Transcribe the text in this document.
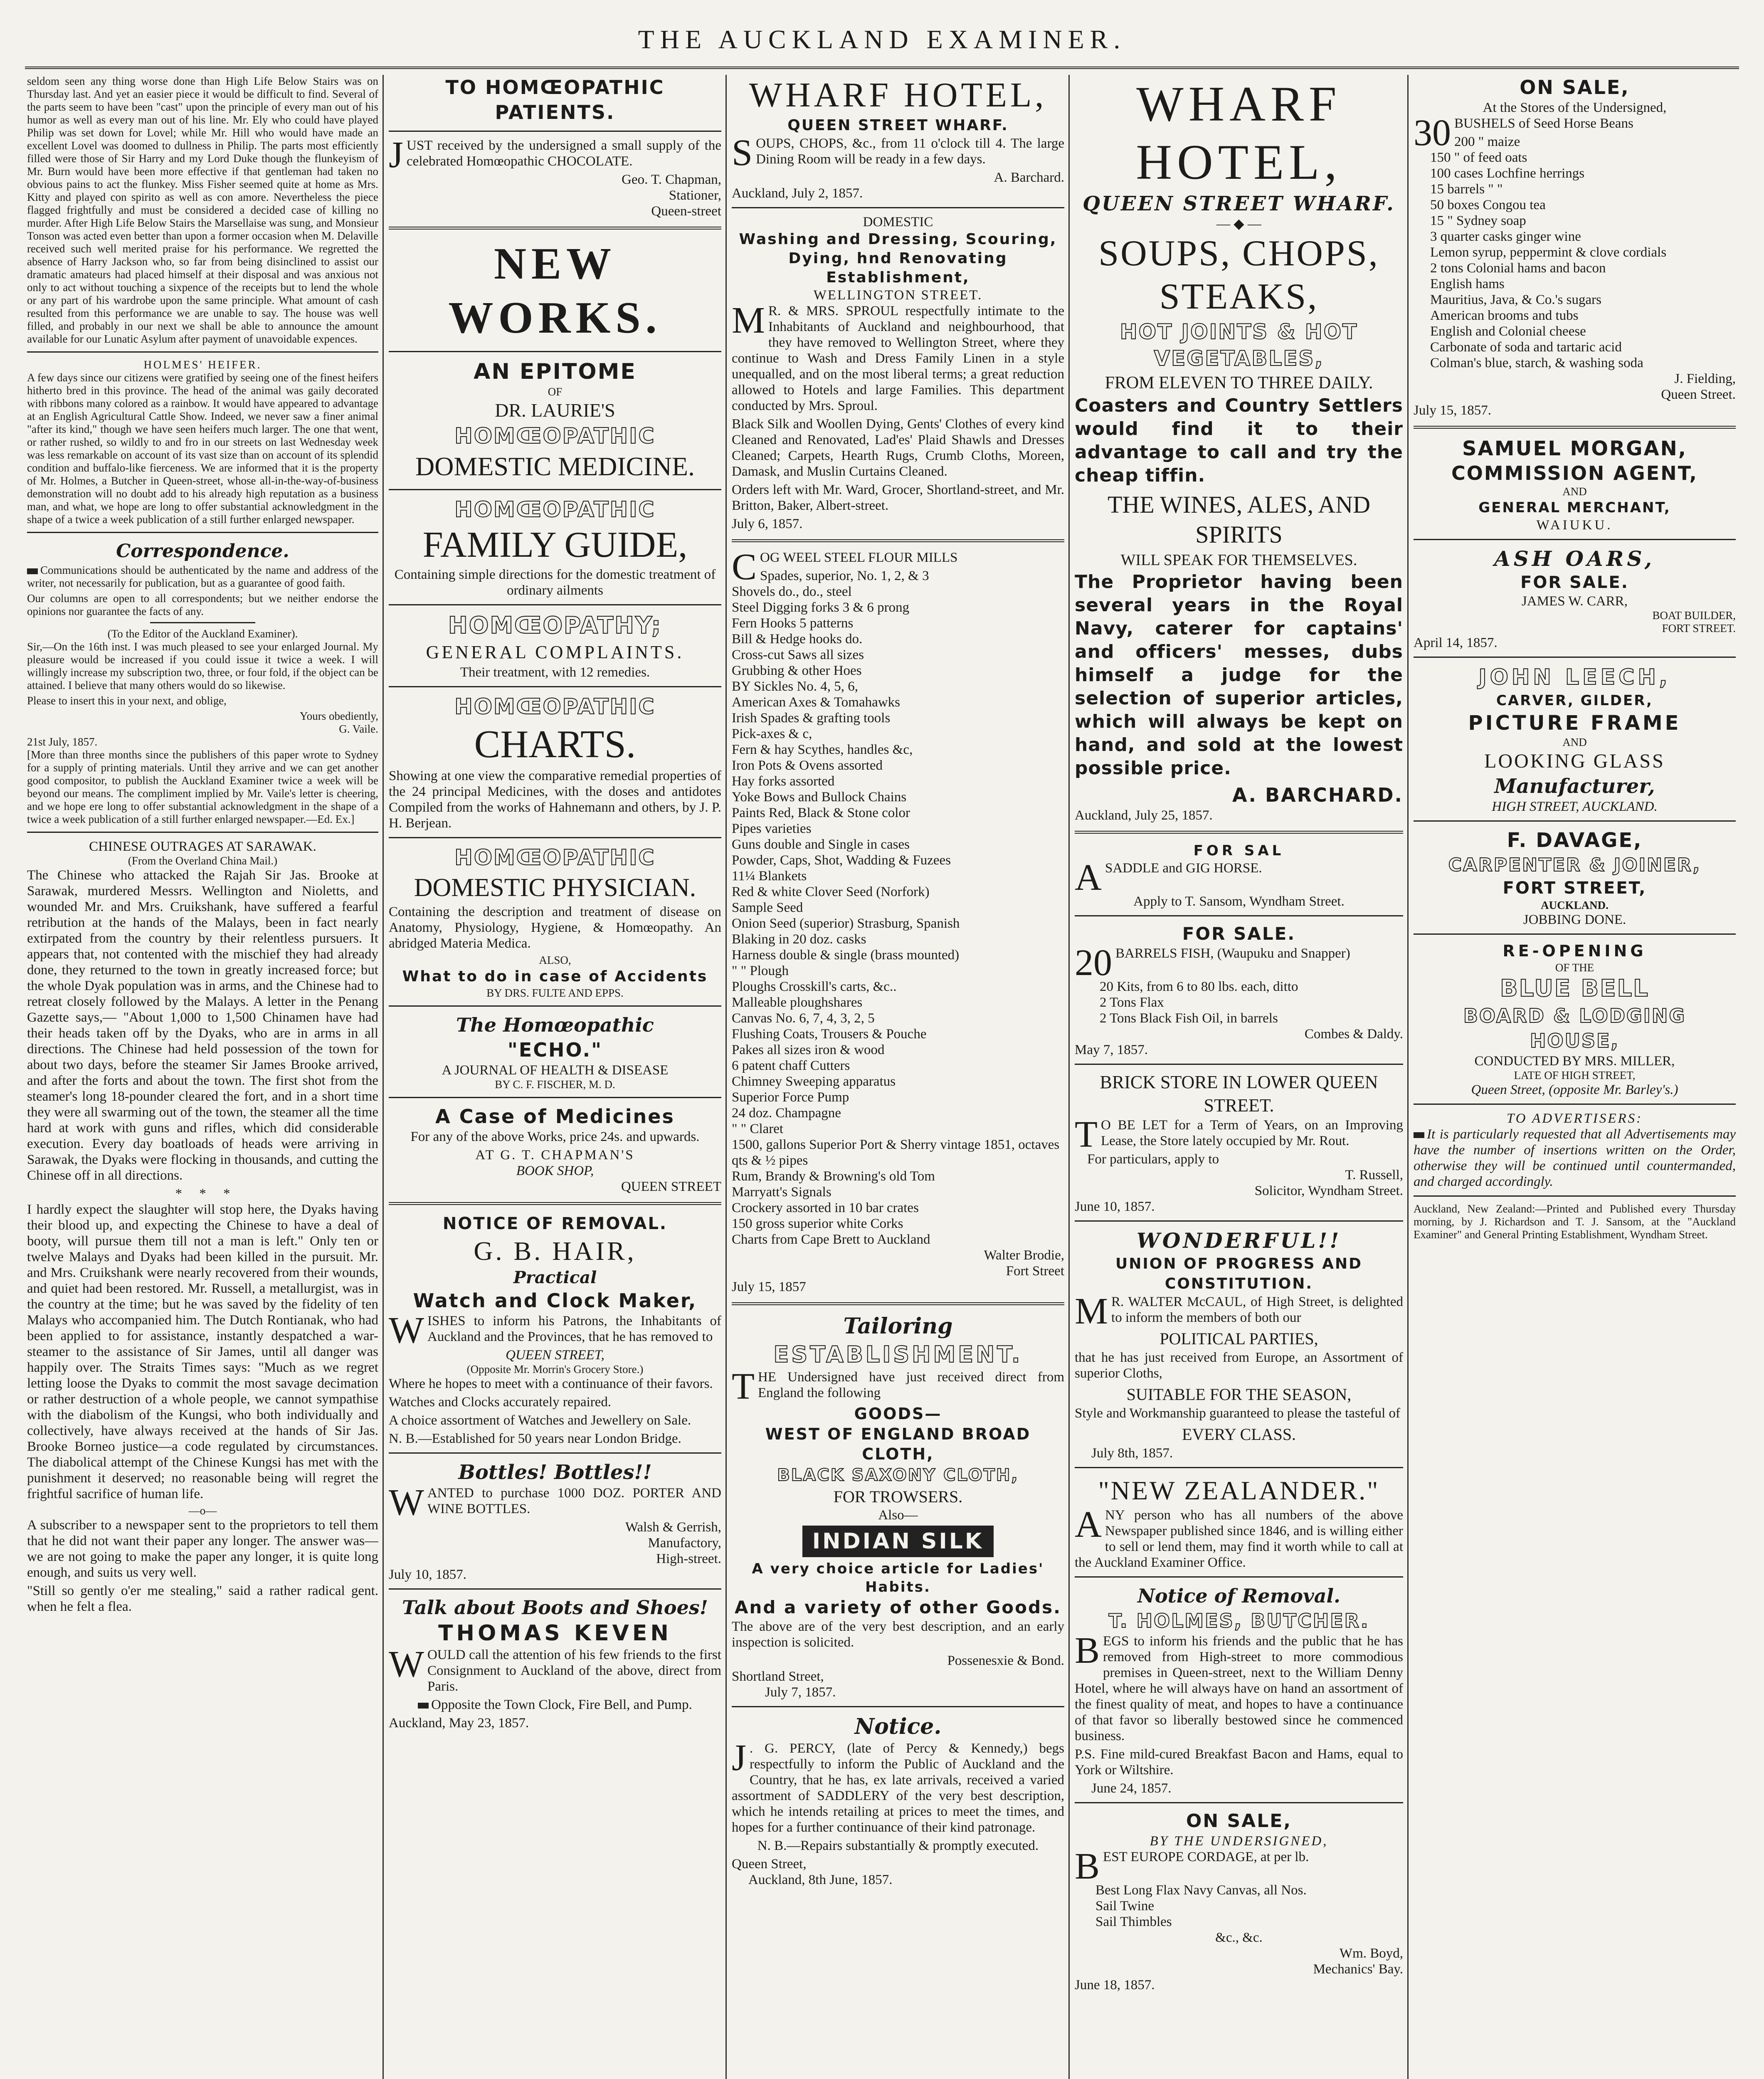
THE AUCKLAND EXAMINER.

seldom seen any thing worse done than High Life Below Stairs was on Thursday last. And yet an easier piece it would be difficult to find. Several of the parts seem to have been "cast" upon the principle of every man out of his humor as well as every man out of his line. Mr. Ely who could have played Philip was set down for Lovel; while Mr. Hill who would have made an excellent Lovel was doomed to dullness in Philip. The parts most efficiently filled were those of Sir Harry and my Lord Duke though the flunkeyism of Mr. Burn would have been more effective if that gentleman had taken no obvious pains to act the flunkey. Miss Fisher seemed quite at home as Mrs. Kitty and played con spirito as well as con amore. Nevertheless the piece flagged frightfully and must be considered a decided case of killing no murder. After High Life Below Stairs the Marsellaise was sung, and Monsieur Tonson was acted even better than upon a former occasion when M. Delaville received such well merited praise for his performance. We regretted the absence of Harry Jackson who, so far from being disinclined to assist our dramatic amateurs had placed himself at their disposal and was anxious not only to act without touching a sixpence of the receipts but to lend the whole or any part of his wardrobe upon the same principle. What amount of cash resulted from this performance we are unable to say. The house was well filled, and probably in our next we shall be able to announce the amount available for our Lunatic Asylum after payment of unavoidable expences.

HOLMES' HEIFER.

A few days since our citizens were gratified by seeing one of the finest heifers hitherto bred in this province. The head of the animal was gaily decorated with ribbons many colored as a rainbow. It would have appeared to advantage at an English Agricultural Cattle Show. Indeed, we never saw a finer animal "after its kind," though we have seen heifers much larger. The one that went, or rather rushed, so wildly to and fro in our streets on last Wednesday week was less remarkable on account of its vast size than on account of its splendid condition and buffalo-like fierceness. We are informed that it is the property of Mr. Holmes, a Butcher in Queen-street, whose all-in-the-way-of-business demonstration will no doubt add to his already high reputation as a business man, and what, we hope are long to offer substantial acknowledgment in the shape of a twice a week publication of a still further enlarged newspaper.

Correspondence.

Communications should be authenticated by the name and address of the writer, not necessarily for publication, but as a guarantee of good faith.

Our columns are open to all correspondents; but we neither endorse the opinions nor guarantee the facts of any.

(To the Editor of the Auckland Examiner).

Sir,—On the 16th inst. I was much pleased to see your enlarged Journal. My pleasure would be increased if you could issue it twice a week. I will willingly increase my subscription two, three, or four fold, if the object can be attained. I believe that many others would do so likewise.

Please to insert this in your next, and oblige,

Yours obediently,
G. Vaile.
21st July, 1857.

[More than three months since the publishers of this paper wrote to Sydney for a supply of printing materials. Until they arrive and we can get another good compositor, to publish the Auckland Examiner twice a week will be beyond our means. The compliment implied by Mr. Vaile's letter is cheering, and we hope ere long to offer substantial acknowledgment in the shape of a twice a week publication of a still further enlarged newspaper.—Ed. Ex.]

CHINESE OUTRAGES AT SARAWAK.
(From the Overland China Mail.)

The Chinese who attacked the Rajah Sir Jas. Brooke at Sarawak, murdered Messrs. Wellington and Nioletts, and wounded Mr. and Mrs. Cruikshank, have suffered a fearful retribution at the hands of the Malays, been in fact nearly extirpated from the country by their relentless pursuers. It appears that, not contented with the mischief they had already done, they returned to the town in greatly increased force; but the whole Dyak population was in arms, and the Chinese had to retreat closely followed by the Malays. A letter in the Penang Gazette says,— "About 1,000 to 1,500 Chinamen have had their heads taken off by the Dyaks, who are in arms in all directions. The Chinese had held possession of the town for about two days, before the steamer Sir James Brooke arrived, and after the forts and about the town. The first shot from the steamer's long 18-pounder cleared the fort, and in a short time they were all swarming out of the town, the steamer all the time hard at work with guns and rifles, which did considerable execution. Every day boatloads of heads were arriving in Sarawak, the Dyaks were flocking in thousands, and cutting the Chinese off in all directions.

*     *     *

I hardly expect the slaughter will stop here, the Dyaks having their blood up, and expecting the Chinese to have a deal of booty, will pursue them till not a man is left." Only ten or twelve Malays and Dyaks had been killed in the pursuit. Mr. and Mrs. Cruikshank were nearly recovered from their wounds, and quiet had been restored. Mr. Russell, a metallurgist, was in the country at the time; but he was saved by the fidelity of ten Malays who accompanied him. The Dutch Rontianak, who had been applied to for assistance, instantly despatched a war-steamer to the assistance of Sir James, until all danger was happily over. The Straits Times says: "Much as we regret letting loose the Dyaks to commit the most savage decimation or rather destruction of a whole people, we cannot sympathise with the diabolism of the Kungsi, who both individually and collectively, have always received at the hands of Sir Jas. Brooke Borneo justice—a code regulated by circumstances. The diabolical attempt of the Chinese Kungsi has met with the punishment it deserved; no reasonable being will regret the frightful sacrifice of human life.

—o—

A subscriber to a newspaper sent to the proprietors to tell them that he did not want their paper any longer. The answer was—we are not going to make the paper any longer, it is quite long enough, and suits us very well.

"Still so gently o'er me stealing," said a rather radical gent. when he felt a flea.

TO HOMŒOPATHIC PATIENTS.

JUST received by the undersigned a small supply of the celebrated Homœopathic CHOCOLATE.

Geo. T. Chapman,
Stationer,
Queen-street
NEW WORKS.
AN EPITOME
OF
DR. LAURIE'S
HOMŒOPATHIC
DOMESTIC MEDICINE.
HOMŒOPATHIC
FAMILY GUIDE,

Containing simple directions for the domestic treatment of ordinary ailments

HOMŒOPATHY;
GENERAL COMPLAINTS.
Their treatment, with 12 remedies.
HOMŒOPATHIC
CHARTS.

Showing at one view the comparative remedial properties of the 24 principal Medicines, with the doses and antidotes Compiled from the works of Hahnemann and others, by J. P. H. Berjean.

HOMŒOPATHIC
DOMESTIC PHYSICIAN.

Containing the description and treatment of disease on Anatomy, Physiology, Hygiene, & Homœopathy. An abridged Materia Medica.

ALSO,
What to do in case of Accidents
BY DRS. FULTE AND EPPS.
The Homœopathic
"ECHO."
A JOURNAL OF HEALTH & DISEASE
BY C. F. FISCHER, M. D.
A Case of Medicines

For any of the above Works, price 24s. and upwards.

AT G. T. CHAPMAN'S
BOOK SHOP,
QUEEN STREET
NOTICE OF REMOVAL.
G. B. HAIR,
Practical
Watch and Clock Maker,

WISHES to inform his Patrons, the Inhabitants of Auckland and the Provinces, that he has removed to

QUEEN STREET,
(Opposite Mr. Morrin's Grocery Store.)

Where he hopes to meet with a continuance of their favors.

Watches and Clocks accurately repaired.

A choice assortment of Watches and Jewellery on Sale.

N. B.—Established for 50 years near London Bridge.

Bottles! Bottles!!

WANTED to purchase 1000 DOZ. PORTER AND WINE BOTTLES.

Walsh & Gerrish,
Manufactory,
High-street.
July 10, 1857.
Talk about Boots and Shoes!
THOMAS KEVEN

WOULD call the attention of his few friends to the first Consignment to Auckland of the above, direct from Paris.

Opposite the Town Clock, Fire Bell, and Pump.

Auckland, May 23, 1857.
WHARF HOTEL,
QUEEN STREET WHARF.

SOUPS, CHOPS, &c., from 11 o'clock till 4. The large Dining Room will be ready in a few days.

A. Barchard.
Auckland, July 2, 1857.
DOMESTIC
Washing and Dressing, Scouring, Dying, hnd Renovating Establishment,
WELLINGTON STREET.

M R. & MRS. SPROUL respectfully intimate to the Inhabitants of Auckland and neighbourhood, that they have removed to Wellington Street, where they continue to Wash and Dress Family Linen in a style unequalled, and on the most liberal terms; a great reduction allowed to Hotels and large Families. This department conducted by Mrs. Sproul.

Black Silk and Woollen Dying, Gents' Clothes of every kind Cleaned and Renovated, Lad'es' Plaid Shawls and Dresses Cleaned; Carpets, Hearth Rugs, Crumb Cloths, Moreen, Damask, and Muslin Curtains Cleaned.

Orders left with Mr. Ward, Grocer, Shortland-street, and Mr. Britton, Baker, Albert-street.

July 6, 1857.

COG WEEL STEEL FLOUR MILLS

Spades, superior, No. 1, 2, & 3
Shovels do., do., steel
Steel Digging forks 3 & 6 prong
Fern Hooks 5 patterns
Bill & Hedge hooks do.
Cross-cut Saws all sizes
Grubbing & other Hoes
BY Sickles No. 4, 5, 6,
American Axes & Tomahawks
Irish Spades & grafting tools
Pick-axes & c,
Fern & hay Scythes, handles &c,
Iron Pots & Ovens assorted
Hay forks assorted
Yoke Bows and Bullock Chains
Paints Red, Black & Stone color
Pipes varieties
Guns double and Single in cases
Powder, Caps, Shot, Wadding & Fuzees
11¼ Blankets
Red & white Clover Seed (Norfork)
Sample Seed
Onion Seed (superior) Strasburg, Spanish
Blaking in 20 doz. casks
Harness double & single (brass mounted)
" " Plough
Ploughs Crosskill's carts, &c..
Malleable ploughshares
Canvas No. 6, 7, 4, 3, 2, 5
Flushing Coats, Trousers & Pouche
Pakes all sizes iron & wood
6 patent chaff Cutters
Chimney Sweeping apparatus
Superior Force Pump
24 doz. Champagne
" " Claret
1500, gallons Superior Port & Sherry vintage 1851, octaves qts & ½ pipes
Rum, Brandy & Browning's old Tom
Marryatt's Signals
Crockery assorted in 10 bar crates
150 gross superior white Corks
Charts from Cape Brett to Auckland
Walter Brodie,
Fort Street
July 15, 1857
Tailoring
ESTABLISHMENT.

THE Undersigned have just received direct from England the following

GOODS—
WEST OF ENGLAND BROAD CLOTH,
BLACK SAXONY CLOTH,
FOR TROWSERS.
Also—
INDIAN SILK
A very choice article for Ladies' Habits.
And a variety of other Goods.

The above are of the very best description, and an early inspection is solicited.

Possenesxie & Bond.
Shortland Street,
July 7, 1857.
Notice.

J . G. PERCY, (late of Percy & Kennedy,) begs respectfully to inform the Public of Auckland and the Country, that he has, ex late arrivals, received a varied assortment of SADDLERY of the very best description, which he intends retailing at prices to meet the times, and hopes for a further continuance of their kind patronage.

N. B.—Repairs substantially & promptly executed.

Queen Street,
Auckland, 8th June, 1857.
WHARF HOTEL,
QUEEN STREET WHARF.
— ◆ —
SOUPS, CHOPS, STEAKS,
HOT JOINTS & HOT VEGETABLES,
FROM ELEVEN TO THREE DAILY.

Coasters and Country Settlers would find it to their advantage to call and try the cheap tiffin.

THE WINES, ALES, AND SPIRITS
WILL SPEAK FOR THEMSELVES.

The Proprietor having been several years in the Royal Navy, caterer for captains' and officers' messes, dubs himself a judge for the selection of superior articles, which will always be kept on hand, and sold at the lowest possible price.

A. BARCHARD.
Auckland, July 25, 1857.
FOR SAL

ASADDLE and GIG HORSE.

Apply to T. Sansom, Wyndham Street.
FOR SALE.

20 BARRELS FISH, (Waupuku and Snapper)

20 Kits, from 6 to 80 lbs. each, ditto
2 Tons Flax
2 Tons Black Fish Oil, in barrels
Combes & Daldy.
May 7, 1857.
BRICK STORE IN LOWER QUEEN STREET.

T O BE LET for a Term of Years, on an Improving Lease, the Store lately occupied by Mr. Rout.

For particulars, apply to
T. Russell,
Solicitor, Wyndham Street.
June 10, 1857.
WONDERFUL!!
UNION OF PROGRESS AND CONSTITUTION.

M R. WALTER McCAUL, of High Street, is delighted to inform the members of both our

POLITICAL PARTIES,

that he has just received from Europe, an Assortment of superior Cloths,

SUITABLE FOR THE SEASON,

Style and Workmanship guaranteed to please the tasteful of

EVERY CLASS.
July 8th, 1857.
"NEW ZEALANDER."

ANY person who has all numbers of the above Newspaper published since 1846, and is willing either to sell or lend them, may find it worth while to call at the Auckland Examiner Office.

Notice of Removal.
T. HOLMES, BUTCHER.

BEGS to inform his friends and the public that he has removed from High-street to more commodious premises in Queen-street, next to the William Denny Hotel, where he will always have on hand an assortment of the finest quality of meat, and hopes to have a continuance of that favor so liberally bestowed since he commenced business.

P.S. Fine mild-cured Breakfast Bacon and Hams, equal to York or Wiltshire.

June 24, 1857.
ON SALE,
BY THE UNDERSIGNED,

BEST EUROPE CORDAGE, at per lb.

Best Long Flax Navy Canvas, all Nos.
Sail Twine
Sail Thimbles
&c., &c.
Wm. Boyd,
Mechanics' Bay.
June 18, 1857.
ON SALE,
At the Stores of the Undersigned,

30 BUSHELS of Seed Horse Beans

200 " maize
150 " of feed oats
100 cases Lochfine herrings
15 barrels " "
50 boxes Congou tea
15 " Sydney soap
3 quarter casks ginger wine
Lemon syrup, peppermint & clove cordials
2 tons Colonial hams and bacon
English hams
Mauritius, Java, & Co.'s sugars
American brooms and tubs
English and Colonial cheese
Carbonate of soda and tartaric acid
Colman's blue, starch, & washing soda
J. Fielding,
Queen Street.
July 15, 1857.
SAMUEL MORGAN,
COMMISSION AGENT,
AND
GENERAL MERCHANT,
WAIUKU.
ASH OARS,
FOR SALE.
JAMES W. CARR,
BOAT BUILDER,
FORT STREET.
April 14, 1857.
JOHN LEECH,
CARVER, GILDER,
PICTURE FRAME
AND
LOOKING GLASS
Manufacturer,
HIGH STREET, AUCKLAND.
F. DAVAGE,
CARPENTER & JOINER,
FORT STREET,
AUCKLAND.
JOBBING DONE.
RE-OPENING
OF THE
BLUE BELL
BOARD & LODGING
HOUSE,
CONDUCTED BY MRS. MILLER,
LATE OF HIGH STREET,
Queen Street, (opposite Mr. Barley's.)
TO ADVERTISERS:

It is particularly requested that all Advertisements may have the number of insertions written on the Order, otherwise they will be continued until countermanded, and charged accordingly.

Auckland, New Zealand:—Printed and Published every Thursday morning, by J. Richardson and T. J. Sansom, at the "Auckland Examiner" and General Printing Establishment, Wyndham Street.
